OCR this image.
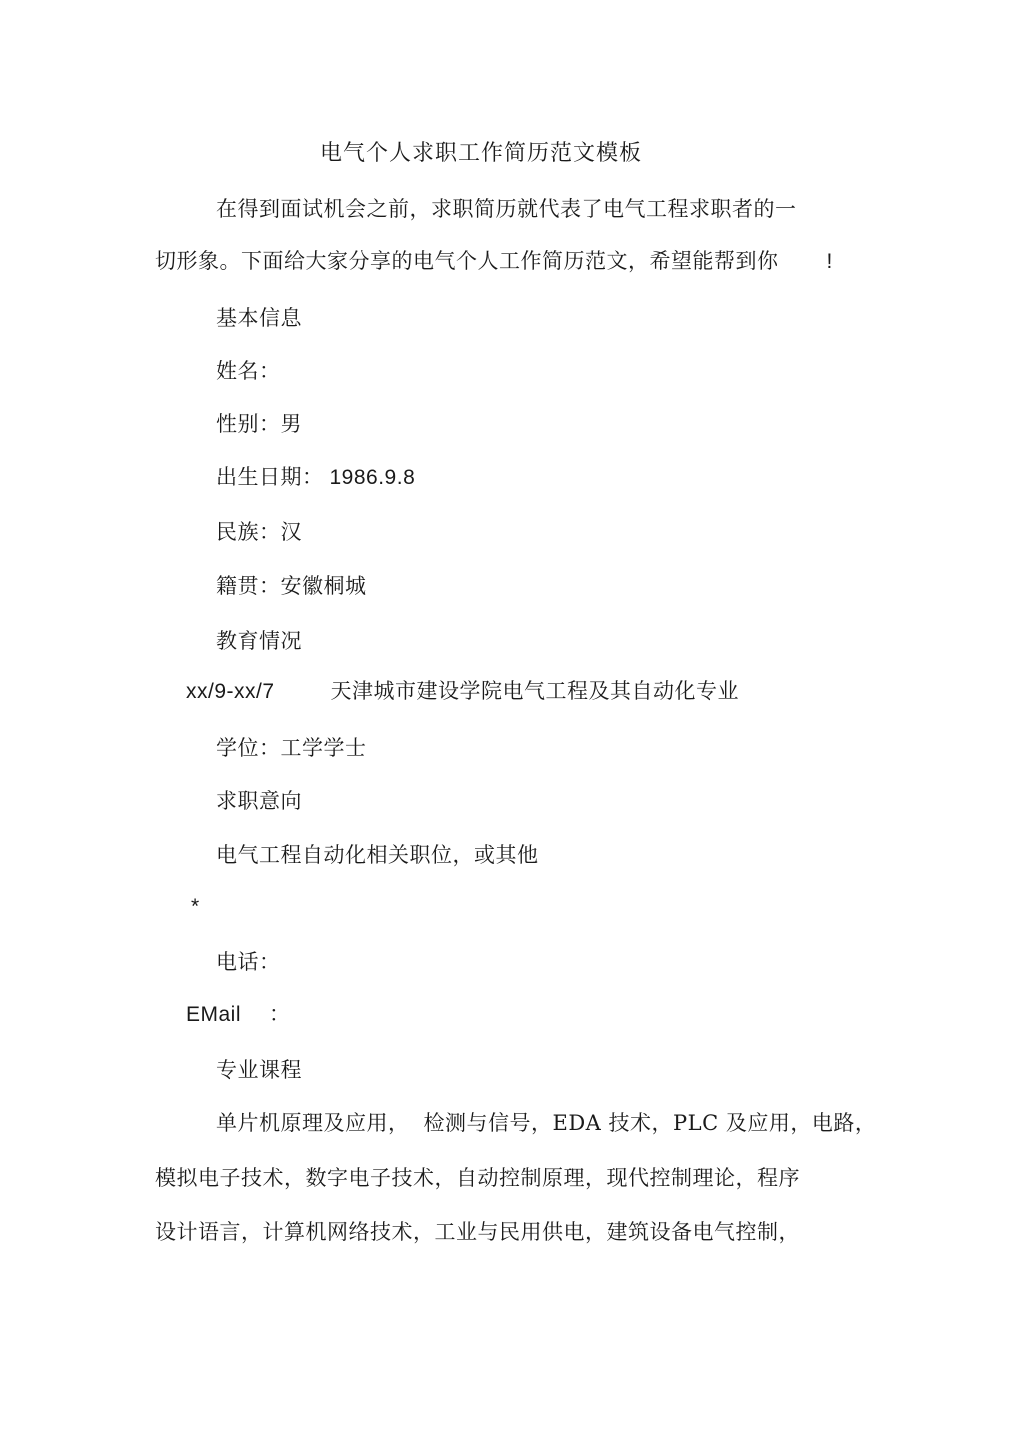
电气个人求职工作简历范文模板
在得到面试机会之前，求职简历就代表了电气工程求职者的一
切形象。下面给大家分享的电气个人工作简历范文，希望能帮到你 !
基本信息
姓名：
性别：男
出生日期： 1986.9.8
民族：汉
籍贯：安徽桐城
教育情况
xx/9-xx/7	天津城市建设学院电气工程及其自动化专业
学位：工学学士
求职意向
电气工程自动化相关职位，或其他
*
电话：
EMail ：
专业课程
单片机原理及应用， 检测与信号，EDA 技术，PLC 及应用，电路，
模拟电子技术，数字电子技术，自动控制原理，现代控制理论，程序
设计语言，计算机网络技术，工业与民用供电，建筑设备电气控制，
